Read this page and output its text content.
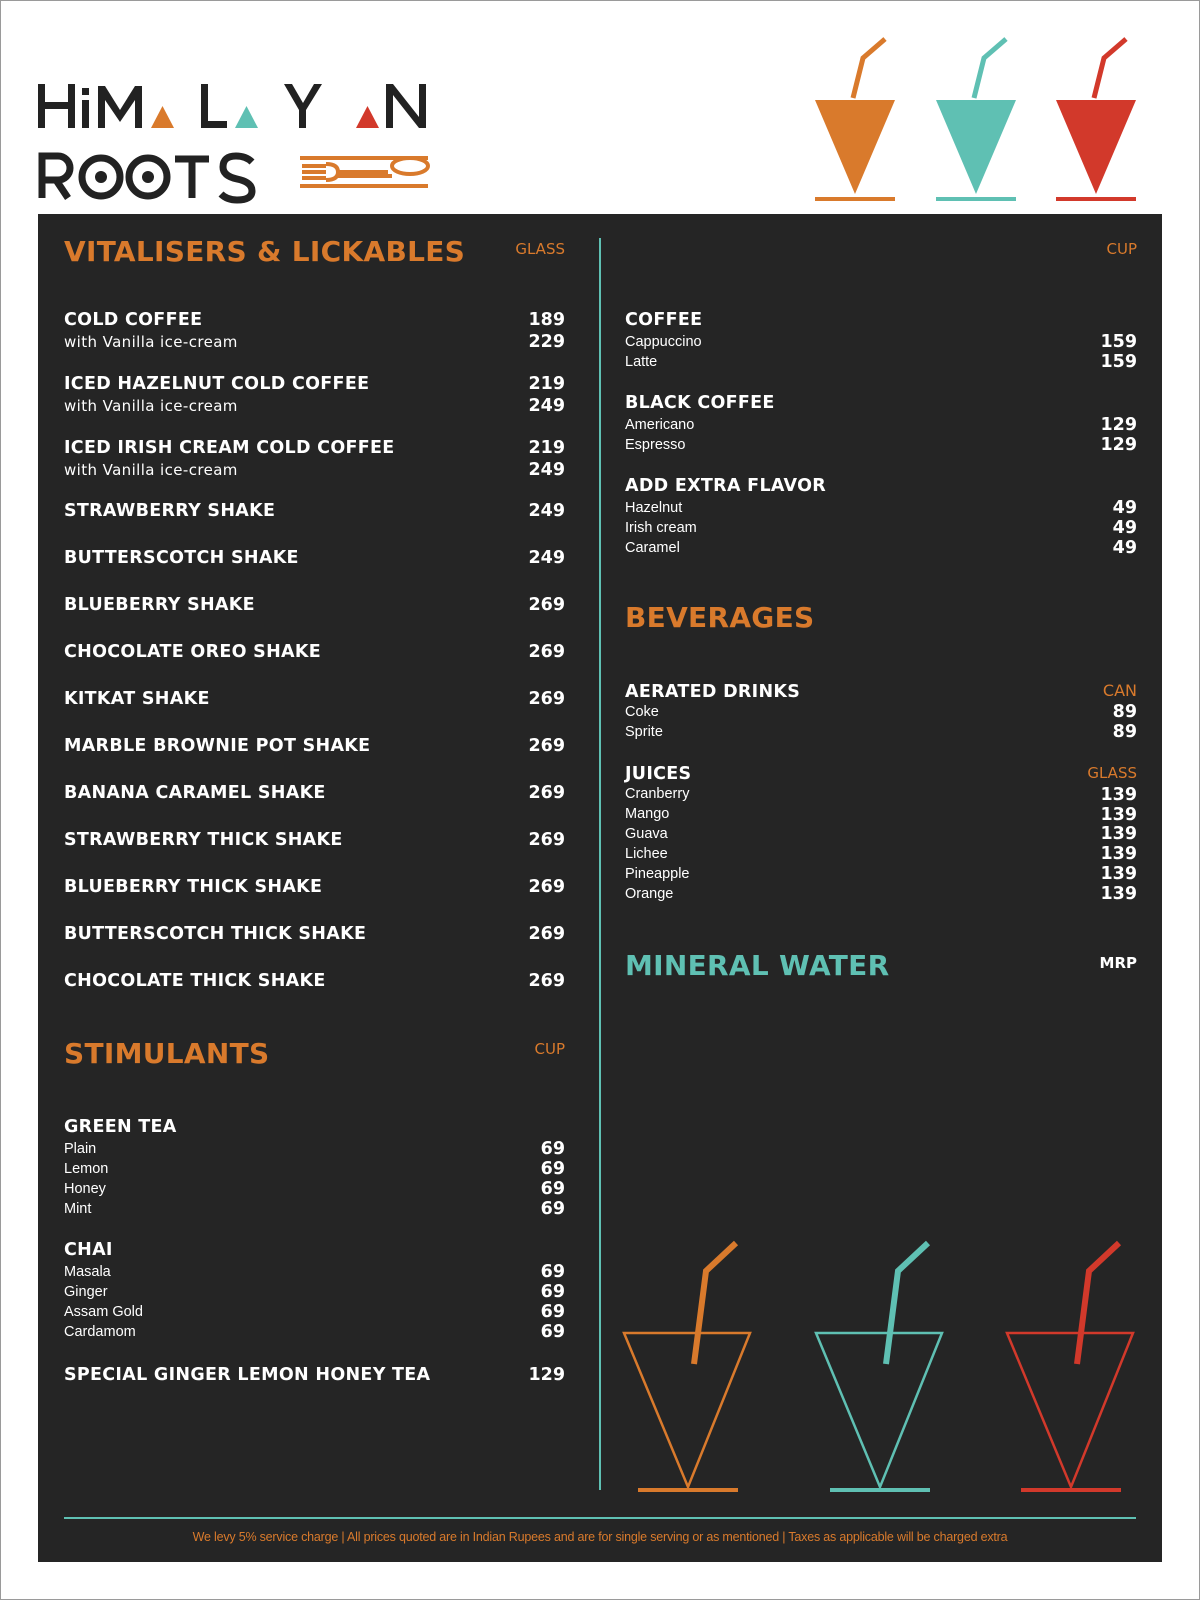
VITALISERS & LICKABLES	GLASS
COLD COFFEE	189
with Vanilla ice-cream	229
ICED HAZELNUT COLD COFFEE	219
with Vanilla ice-cream	249
ICED IRISH CREAM COLD COFFEE	219
with Vanilla ice-cream	249
STRAWBERRY SHAKE	249
BUTTERSCOTCH SHAKE	249
BLUEBERRY SHAKE	269
CHOCOLATE OREO SHAKE	269
KITKAT SHAKE	269
MARBLE BROWNIE POT SHAKE	269
BANANA CARAMEL SHAKE	269
STRAWBERRY THICK SHAKE	269
BLUEBERRY THICK SHAKE	269
BUTTERSCOTCH THICK SHAKE	269
CHOCOLATE THICK SHAKE	269
STIMULANTS	CUP
GREEN TEA
Plain	69
Lemon	69
Honey	69
Mint	69
CHAI
Masala	69
Ginger	69
Assam Gold	69
Cardamom	69
SPECIAL GINGER LEMON HONEY TEA	129
CUP
COFFEE
Cappuccino	159
Latte	159
BLACK COFFEE
Americano	129
Espresso	129
ADD EXTRA FLAVOR
Hazelnut	49
Irish cream	49
Caramel	49
BEVERAGES
AERATED DRINKS	CAN
Coke	89
Sprite	89
JUICES	GLASS
Cranberry	139
Mango	139
Guava	139
Lichee	139
Pineapple	139
Orange	139
MINERAL WATER	MRP
We levy 5% service charge | All prices quoted are in Indian Rupees and are for single serving or as mentioned | Taxes as applicable will be charged extra
